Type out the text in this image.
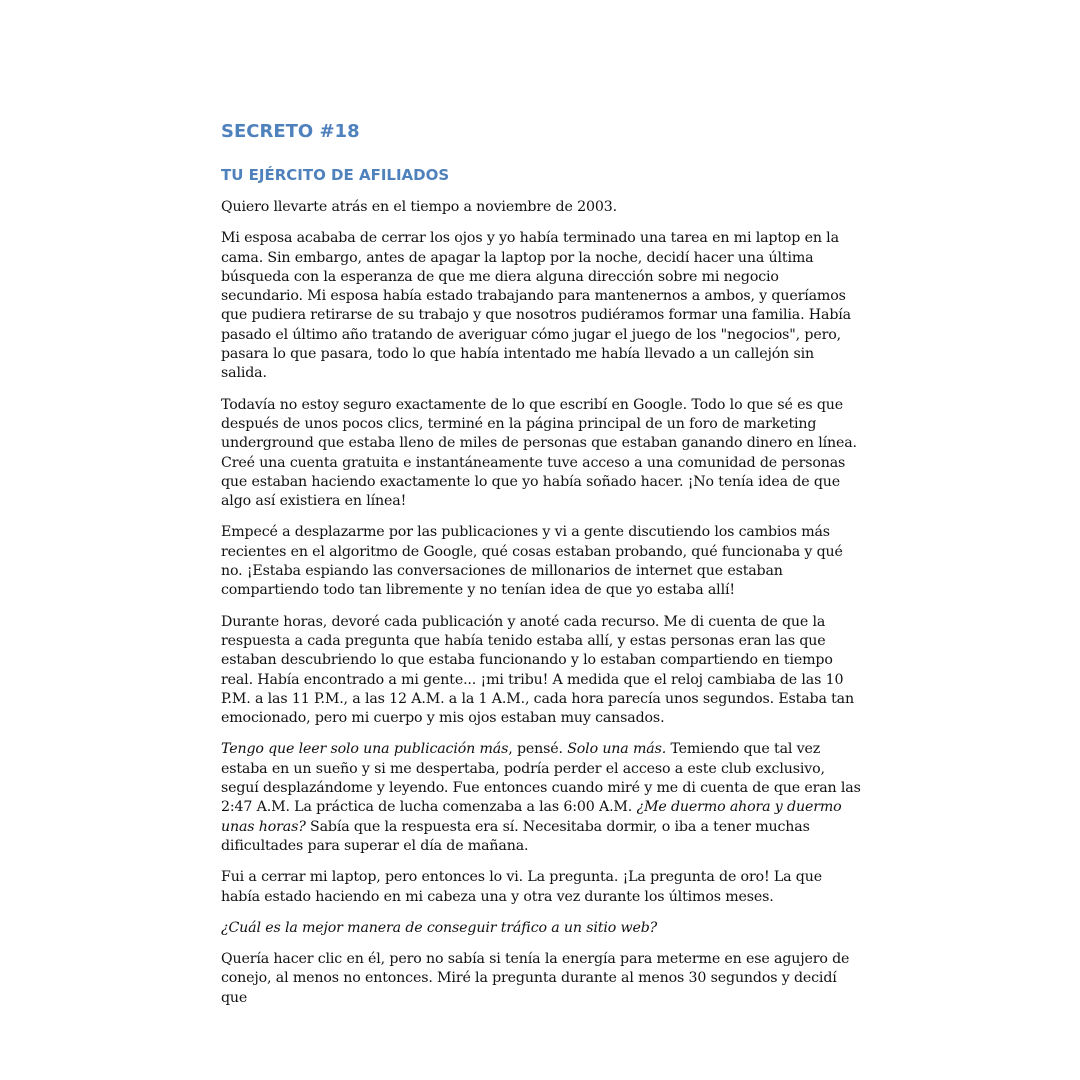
SECRETO #18
TU EJÉRCITO DE AFILIADOS

Quiero llevarte atrás en el tiempo a noviembre de 2003.

Mi esposa acababa de cerrar los ojos y yo había terminado una tarea en mi laptop en la cama. Sin embargo, antes de apagar la laptop por la noche, decidí hacer una última búsqueda con la esperanza de que me diera alguna dirección sobre mi negocio secundario. Mi esposa había estado trabajando para mantenernos a ambos, y queríamos que pudiera retirarse de su trabajo y que nosotros pudiéramos formar una familia. Había pasado el último año tratando de averiguar cómo jugar el juego de los "negocios", pero, pasara lo que pasara, todo lo que había intentado me había llevado a un callejón sin salida.

Todavía no estoy seguro exactamente de lo que escribí en Google. Todo lo que sé es que después de unos pocos clics, terminé en la página principal de un foro de marketing underground que estaba lleno de miles de personas que estaban ganando dinero en línea. Creé una cuenta gratuita e instantáneamente tuve acceso a una comunidad de personas que estaban haciendo exactamente lo que yo había soñado hacer. ¡No tenía idea de que algo así existiera en línea!

Empecé a desplazarme por las publicaciones y vi a gente discutiendo los cambios más recientes en el algoritmo de Google, qué cosas estaban probando, qué funcionaba y qué no. ¡Estaba espiando las conversaciones de millonarios de internet que estaban compartiendo todo tan libremente y no tenían idea de que yo estaba allí!

Durante horas, devoré cada publicación y anoté cada recurso. Me di cuenta de que la respuesta a cada pregunta que había tenido estaba allí, y estas personas eran las que estaban descubriendo lo que estaba funcionando y lo estaban compartiendo en tiempo real. Había encontrado a mi gente... ¡mi tribu! A medida que el reloj cambiaba de las 10 P.M. a las 11 P.M., a las 12 A.M. a la 1 A.M., cada hora parecía unos segundos. Estaba tan emocionado, pero mi cuerpo y mis ojos estaban muy cansados.

Tengo que leer solo una publicación más, pensé. Solo una más. Temiendo que tal vez estaba en un sueño y si me despertaba, podría perder el acceso a este club exclusivo, seguí desplazándome y leyendo. Fue entonces cuando miré y me di cuenta de que eran las 2:47 A.M. La práctica de lucha comenzaba a las 6:00 A.M. ¿Me duermo ahora y duermo unas horas? Sabía que la respuesta era sí. Necesitaba dormir, o iba a tener muchas dificultades para superar el día de mañana.

Fui a cerrar mi laptop, pero entonces lo vi. La pregunta. ¡La pregunta de oro! La que había estado haciendo en mi cabeza una y otra vez durante los últimos meses.

¿Cuál es la mejor manera de conseguir tráfico a un sitio web?

Quería hacer clic en él, pero no sabía si tenía la energía para meterme en ese agujero de conejo, al menos no entonces. Miré la pregunta durante al menos 30 segundos y decidí que
